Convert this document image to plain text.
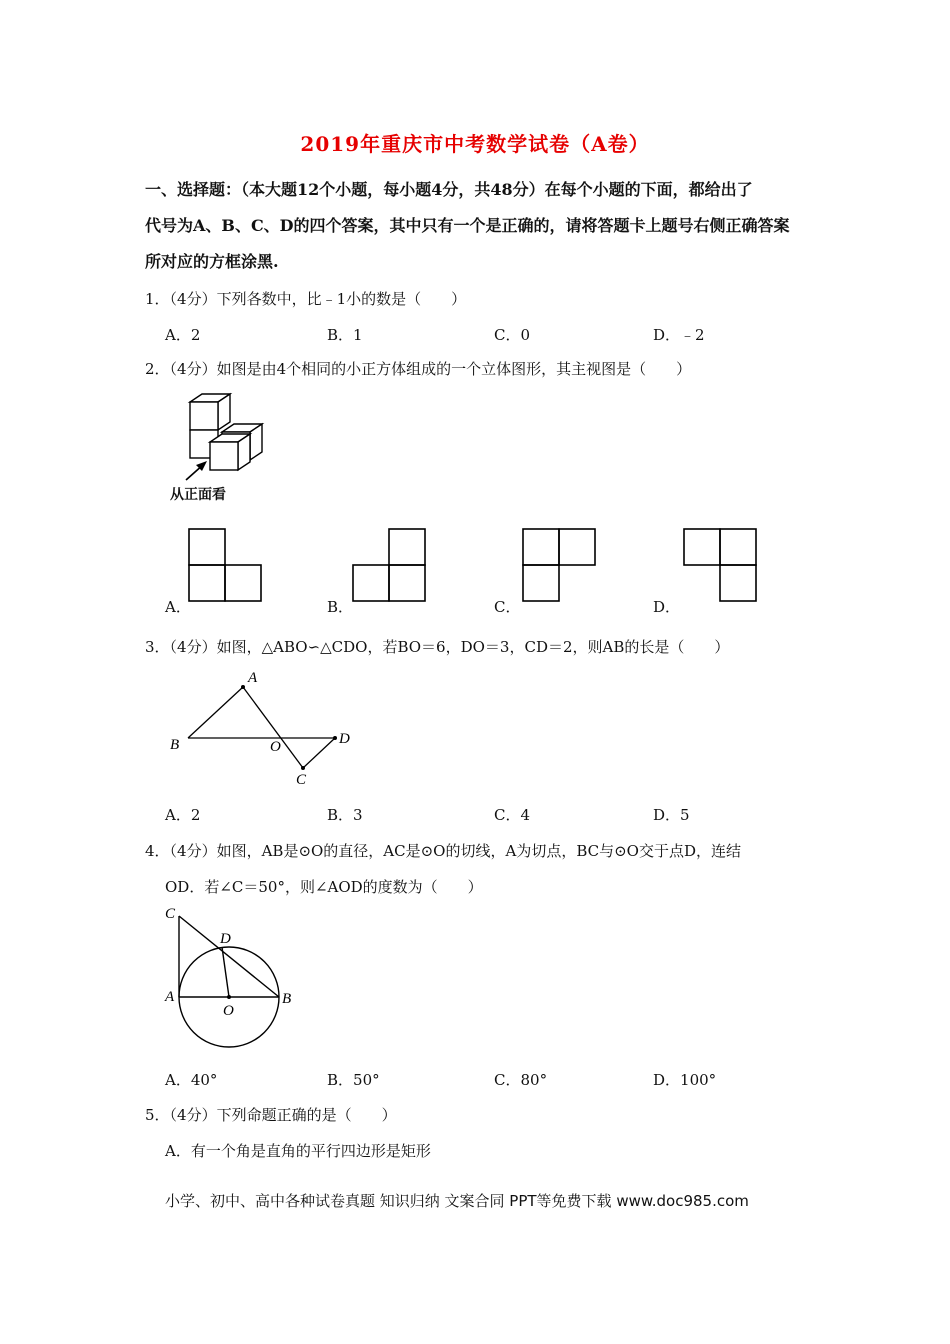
2019年重庆市中考数学试卷（A卷）
一、选择题：（本大题12个小题，每小题4分，共48分）在每个小题的下面，都给出了
代号为A、B、C、D的四个答案，其中只有一个是正确的，请将答题卡上题号右侧正确答案
所对应的方框涂黑.
1．（4分）下列各数中，比﹣1小的数是（　　）
A．2	B．1	C．0	D．﹣2
2．（4分）如图是由4个相同的小正方体组成的一个立体图形，其主视图是（　　）
从正面看
A．	B．	C．	D．
3．（4分）如图，△ABO∽△CDO，若BO＝6，DO＝3，CD＝2，则AB的长是（　　）
A
B	O	D
C
A．2	B．3	C．4	D．5
4．（4分）如图，AB是⊙O的直径，AC是⊙O的切线，A为切点，BC与⊙O交于点D，连结
OD．若∠C＝50°，则∠AOD的度数为（　　）
C
D
A
O
B
A．40°	B．50°	C．80°	D．100°
5．（4分）下列命题正确的是（　　）
A．有一个角是直角的平行四边形是矩形
小学、初中、高中各种试卷真题 知识归纳 文案合同 PPT等免费下载 www.doc985.com
